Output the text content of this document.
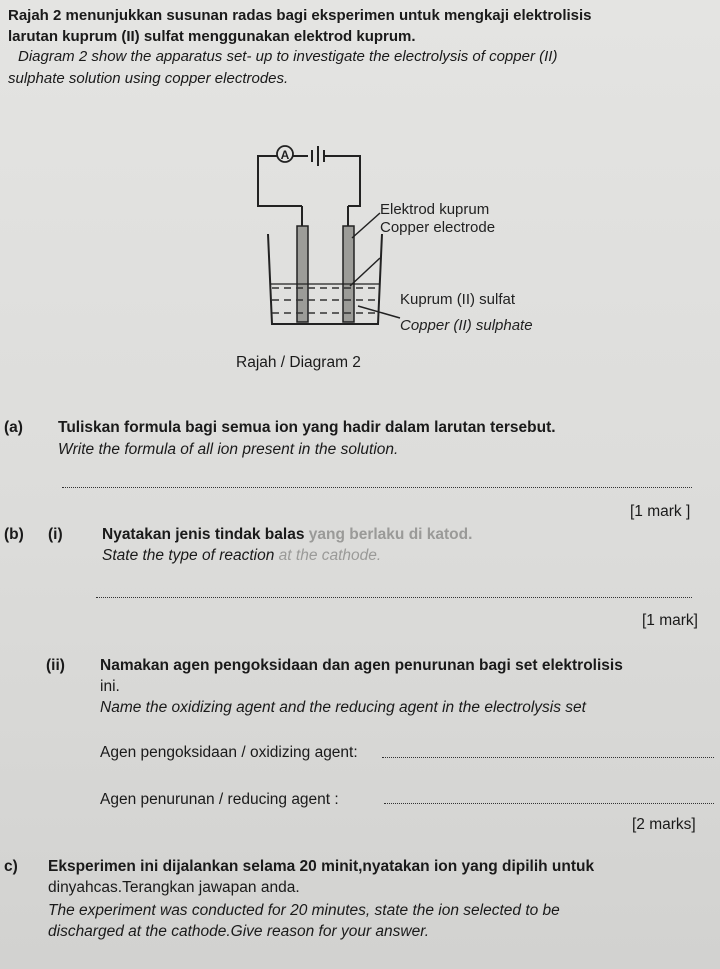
Rajah 2 menunjukkan susunan radas bagi eksperimen untuk mengkaji elektrolisis
larutan kuprum (II) sulfat menggunakan elektrod kuprum.
Diagram 2 show the apparatus set- up to investigate the electrolysis of copper (II)
sulphate solution using copper electrodes.
A
Elektrod kuprum
Copper electrode
Kuprum (II) sulfat
Copper (II) sulphate
Rajah / Diagram 2
(a) Tuliskan formula bagi semua ion yang hadir dalam larutan tersebut.
Write the formula of all ion present in the solution.
[1 mark ]
(b) (i)	Nyatakan jenis tindak balas yang berlaku di katod.
State the type of reaction at the cathode.
[1 mark]
(ii) Namakan agen pengoksidaan dan agen penurunan bagi set elektrolisis
ini.
Name the oxidizing agent and the reducing agent in the electrolysis set
Agen pengoksidaan / oxidizing agent:
Agen penurunan / reducing agent :
[2 marks]
c) Eksperimen ini dijalankan selama 20 minit,nyatakan ion yang dipilih untuk
dinyahcas.Terangkan jawapan anda.
The experiment was conducted for 20 minutes, state the ion selected to be
discharged at the cathode.Give reason for your answer.
